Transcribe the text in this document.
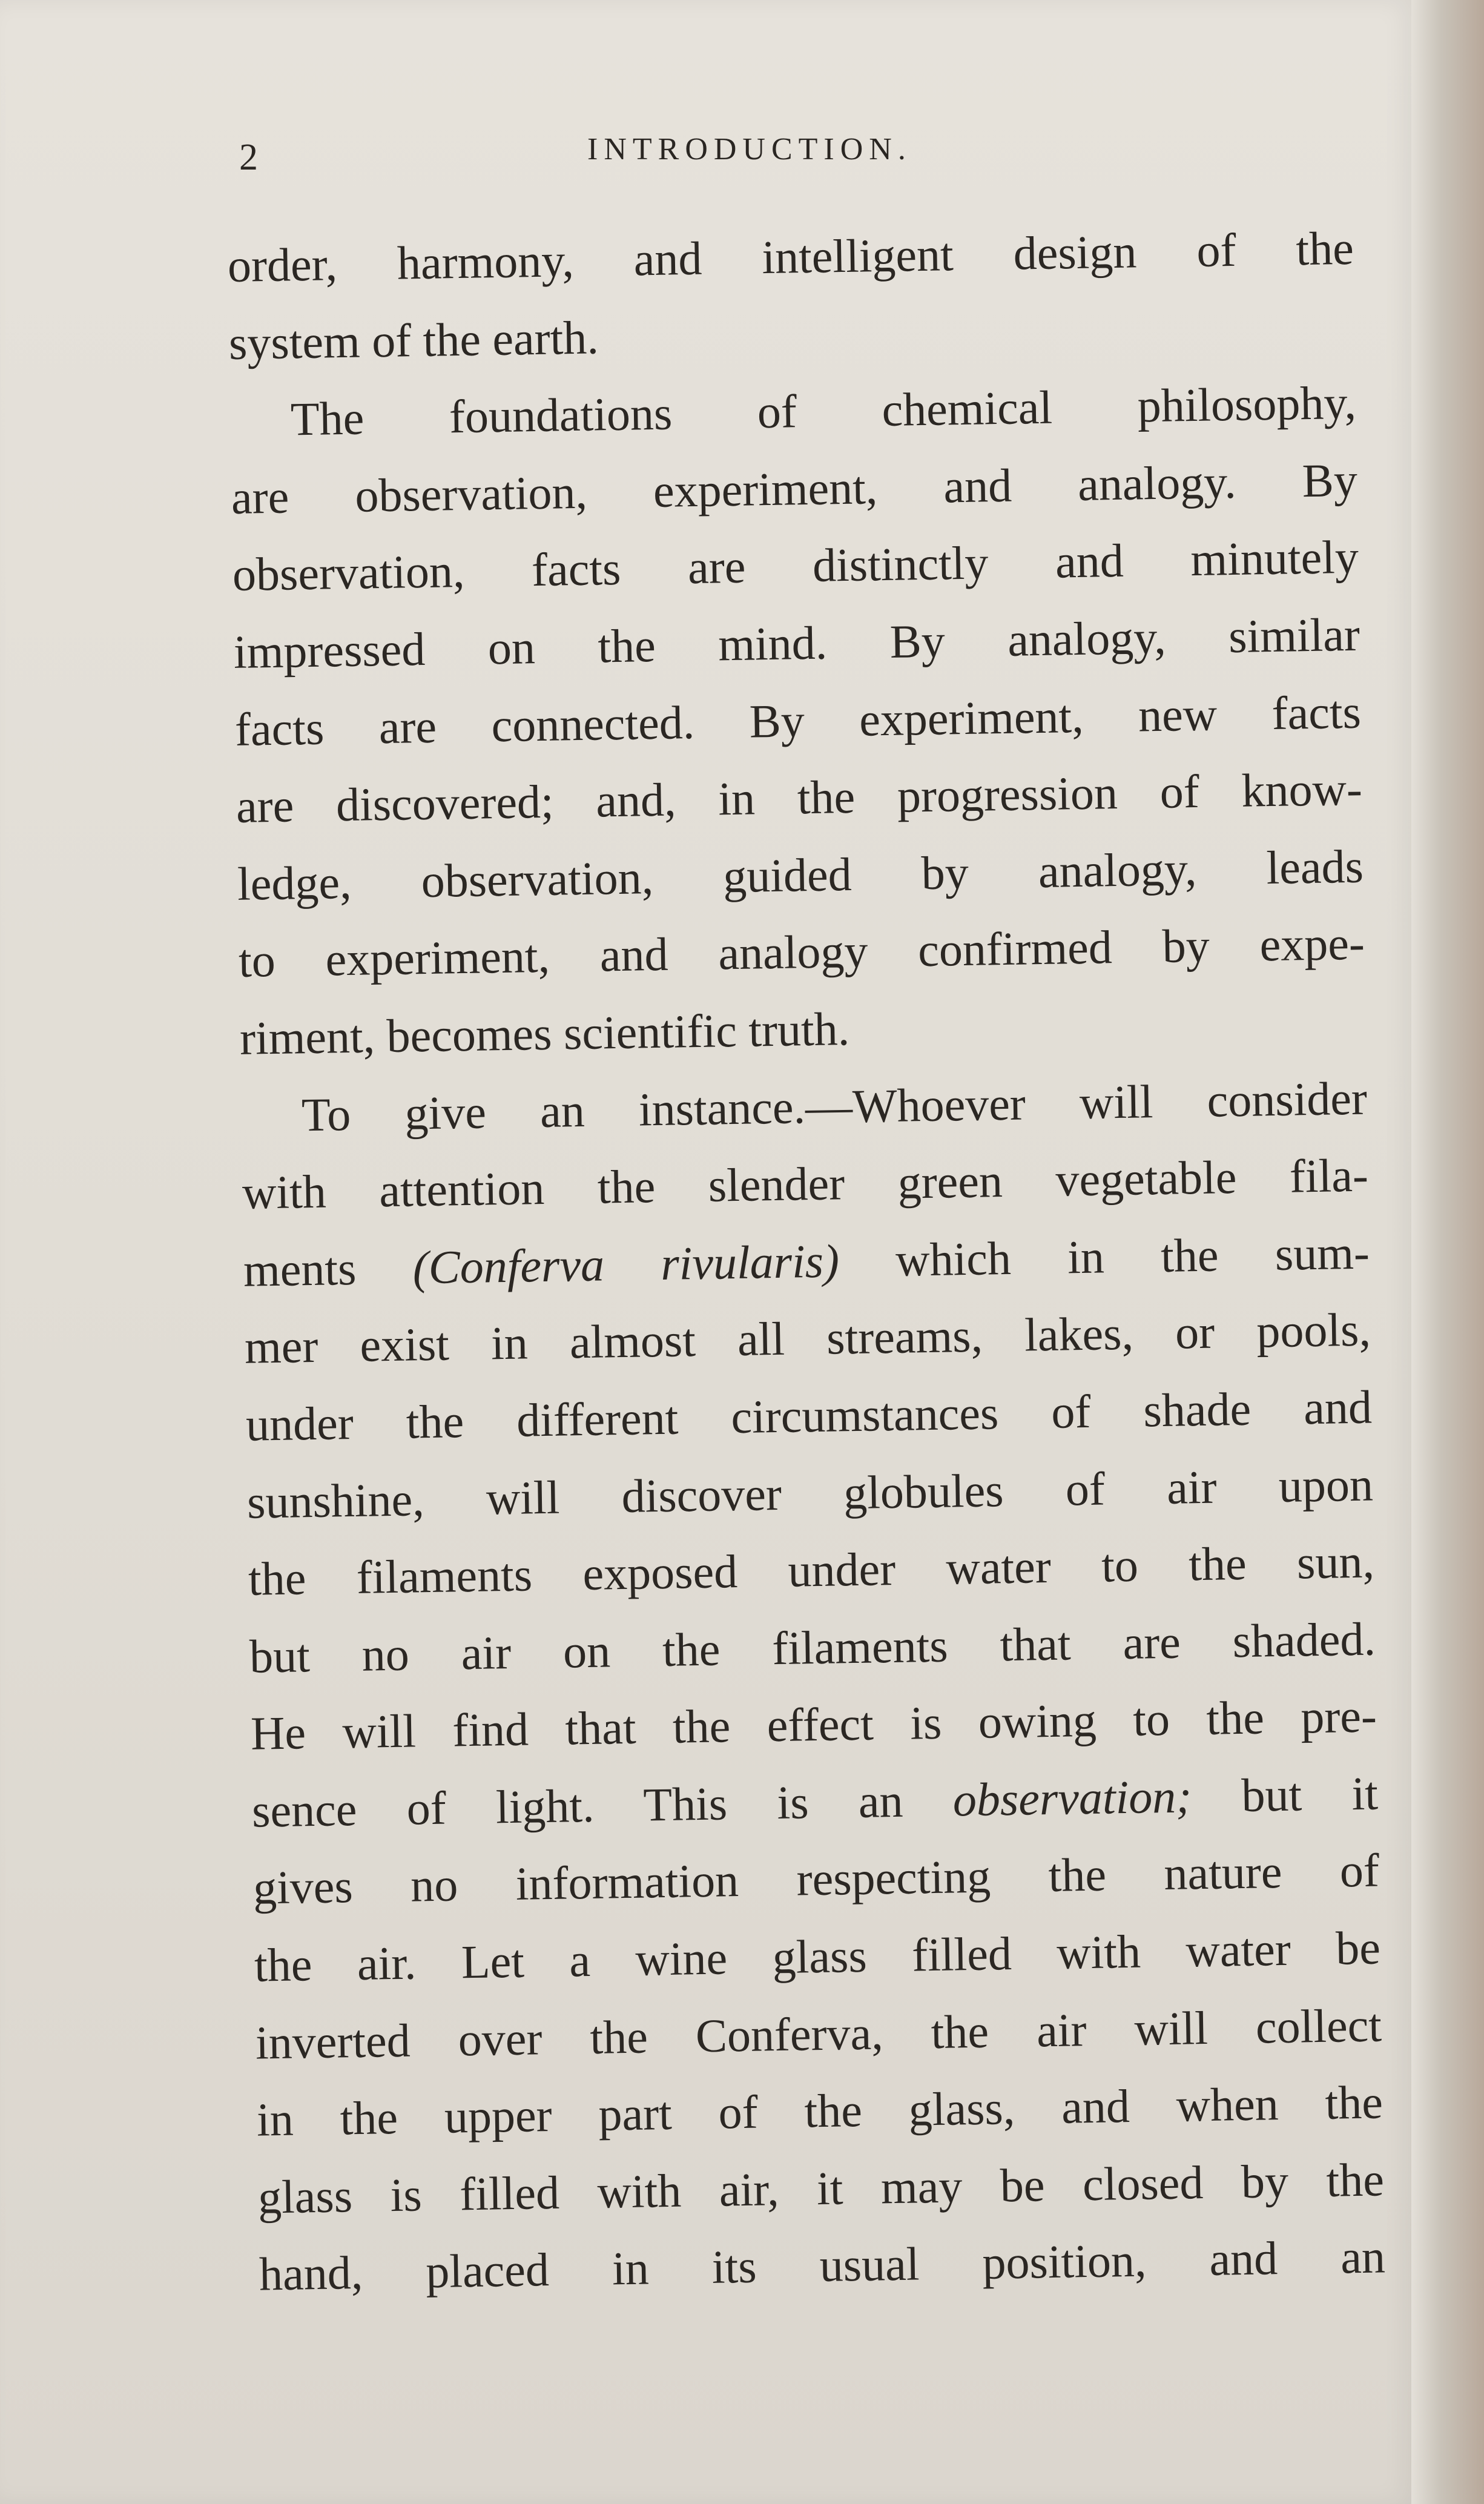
2	INTRODUCTION.
order, harmony, and intelligent design of the
system of the earth.
The foundations of chemical philosophy,
are observation, experiment, and analogy. By
observation, facts are distinctly and minutely
impressed on the mind. By analogy, similar
facts are connected. By experiment, new facts
are discovered; and, in the progression of know-
ledge, observation, guided by analogy, leads
to experiment, and analogy confirmed by expe-
riment, becomes scientific truth.
To give an instance.—Whoever will consider
with attention the slender green vegetable fila-
ments (Conferva rivularis) which in the sum-
mer exist in almost all streams, lakes, or pools,
under the different circumstances of shade and
sunshine, will discover globules of air upon
the filaments exposed under water to the sun,
but no air on the filaments that are shaded.
He will find that the effect is owing to the pre-
sence of light. This is an observation; but it
gives no information respecting the nature of
the air. Let a wine glass filled with water be
inverted over the Conferva, the air will collect
in the upper part of the glass, and when the
glass is filled with air, it may be closed by the
hand, placed in its usual position, and an
